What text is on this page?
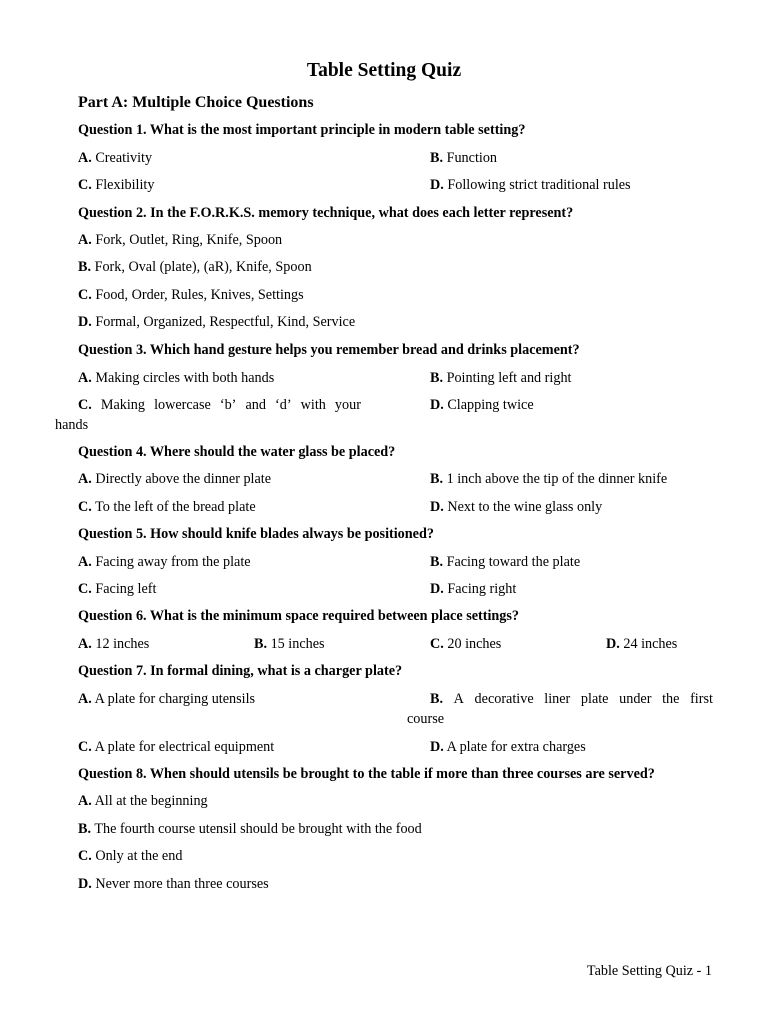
Table Setting Quiz
Part A: Multiple Choice Questions
Question 1. What is the most important principle in modern table setting?
A. Creativity	B. Function
C. Flexibility	D. Following strict traditional rules
Question 2. In the F.O.R.K.S. memory technique, what does each letter represent?
A. Fork, Outlet, Ring, Knife, Spoon
B. Fork, Oval (plate), (aR), Knife, Spoon
C. Food, Order, Rules, Knives, Settings
D. Formal, Organized, Respectful, Kind, Service
Question 3. Which hand gesture helps you remember bread and drinks placement?
A. Making circles with both hands	B. Pointing left and right
C. Making lowercase ‘b’ and ‘d’ with your
hands
D. Clapping twice
Question 4. Where should the water glass be placed?
A. Directly above the dinner plate	B. 1 inch above the tip of the dinner knife
C. To the left of the bread plate	D. Next to the wine glass only
Question 5. How should knife blades always be positioned?
A. Facing away from the plate	B. Facing toward the plate
C. Facing left	D. Facing right
Question 6. What is the minimum space required between place settings?
A. 12 inches	B. 15 inches	C. 20 inches	D. 24 inches
Question 7. In formal dining, what is a charger plate?
A. A plate for charging utensils	B. A decorative liner plate under the first
course
C. A plate for electrical equipment	D. A plate for extra charges
Question 8. When should utensils be brought to the table if more than three courses are served?
A. All at the beginning
B. The fourth course utensil should be brought with the food
C. Only at the end
D. Never more than three courses
Table Setting Quiz - 1
